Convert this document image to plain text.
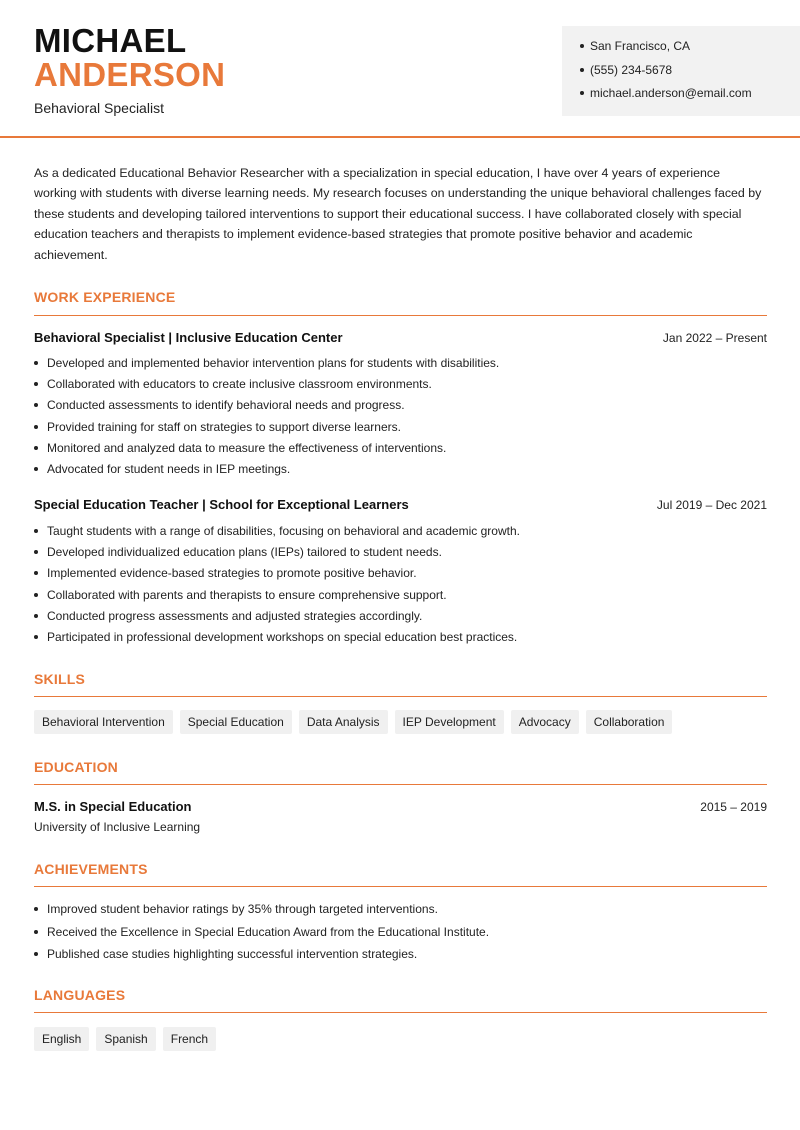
MICHAEL
ANDERSON
Behavioral Specialist
San Francisco, CA
(555) 234-5678
michael.anderson@email.com
As a dedicated Educational Behavior Researcher with a specialization in special education, I have over 4 years of experience working with students with diverse learning needs. My research focuses on understanding the unique behavioral challenges faced by these students and developing tailored interventions to support their educational success. I have collaborated closely with special education teachers and therapists to implement evidence-based strategies that promote positive behavior and academic achievement.
WORK EXPERIENCE
Behavioral Specialist | Inclusive Education Center	Jan 2022 – Present
Developed and implemented behavior intervention plans for students with disabilities.
Collaborated with educators to create inclusive classroom environments.
Conducted assessments to identify behavioral needs and progress.
Provided training for staff on strategies to support diverse learners.
Monitored and analyzed data to measure the effectiveness of interventions.
Advocated for student needs in IEP meetings.
Special Education Teacher | School for Exceptional Learners	Jul 2019 – Dec 2021
Taught students with a range of disabilities, focusing on behavioral and academic growth.
Developed individualized education plans (IEPs) tailored to student needs.
Implemented evidence-based strategies to promote positive behavior.
Collaborated with parents and therapists to ensure comprehensive support.
Conducted progress assessments and adjusted strategies accordingly.
Participated in professional development workshops on special education best practices.
SKILLS
Behavioral Intervention	Special Education	Data Analysis	IEP Development	Advocacy	Collaboration
EDUCATION
M.S. in Special Education	2015 – 2019
University of Inclusive Learning
ACHIEVEMENTS
Improved student behavior ratings by 35% through targeted interventions.
Received the Excellence in Special Education Award from the Educational Institute.
Published case studies highlighting successful intervention strategies.
LANGUAGES
English	Spanish	French
